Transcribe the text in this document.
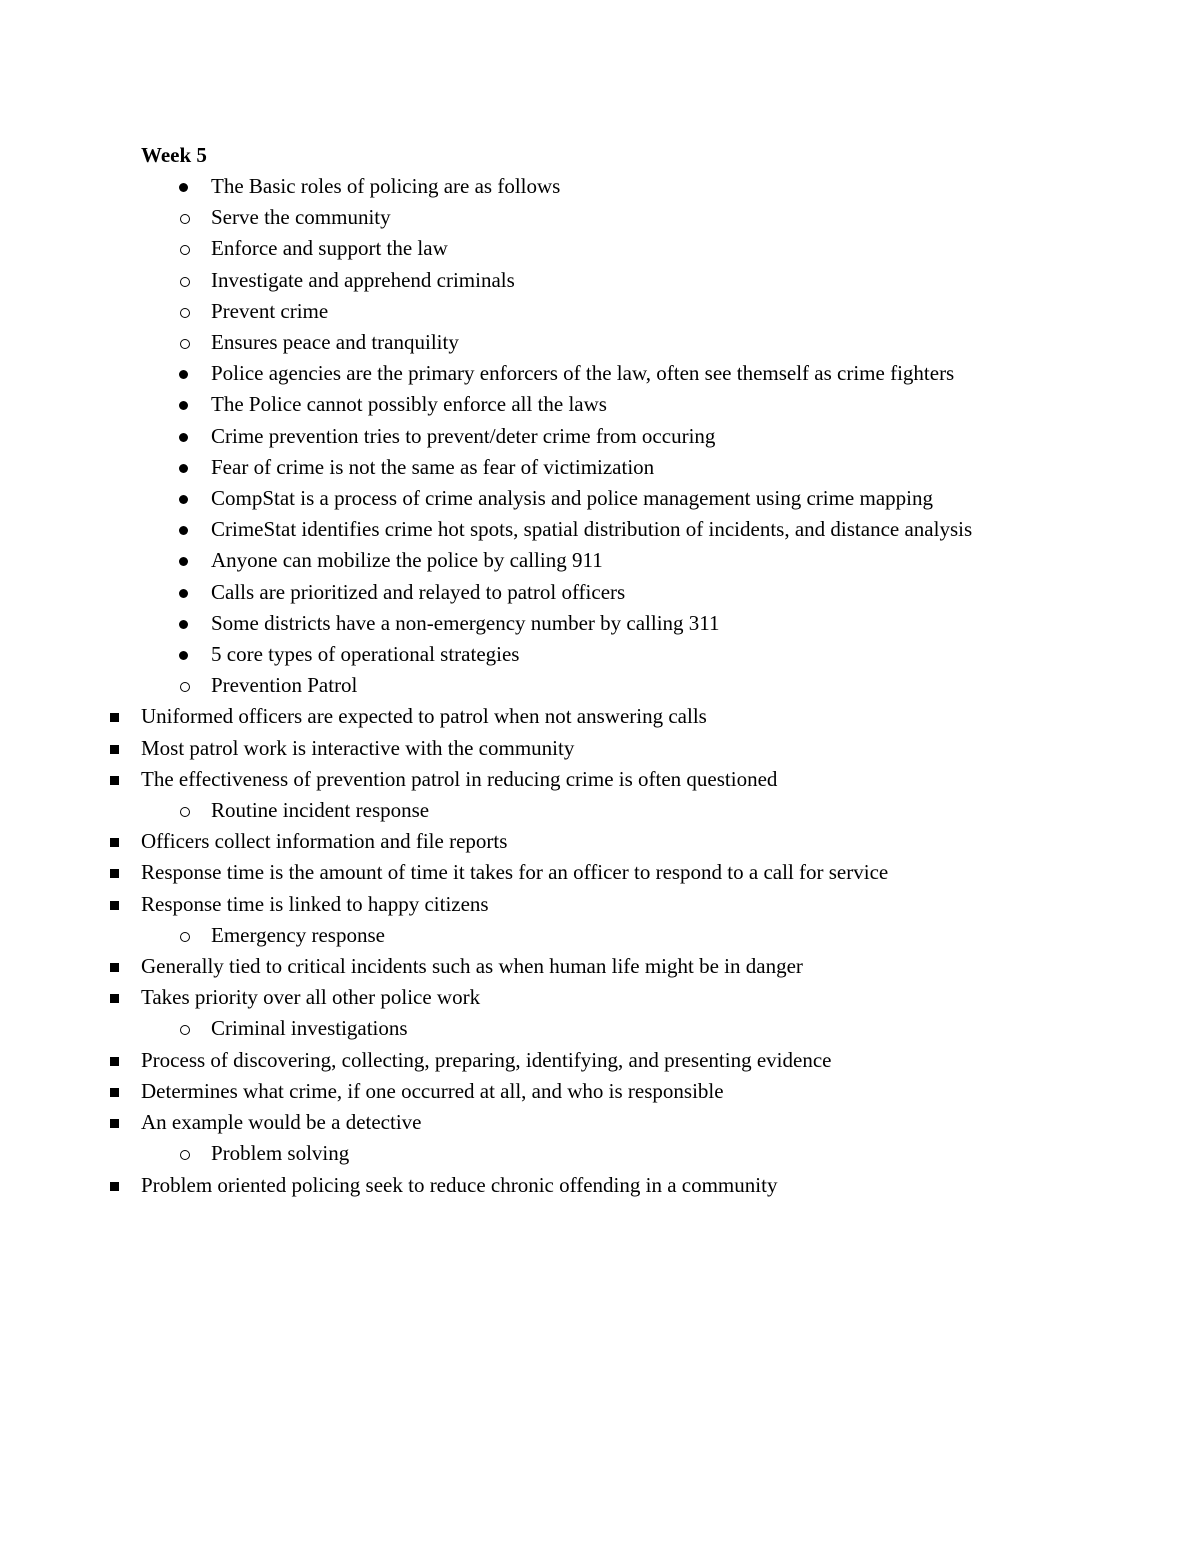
Week 5
The Basic roles of policing are as follows
Serve the community
Enforce and support the law
Investigate and apprehend criminals
Prevent crime
Ensures peace and tranquility
Police agencies are the primary enforcers of the law, often see themself as crime fighters
The Police cannot possibly enforce all the laws
Crime prevention tries to prevent/deter crime from occuring
Fear of crime is not the same as fear of victimization
CompStat is a process of crime analysis and police management using crime mapping
CrimeStat identifies crime hot spots, spatial distribution of incidents, and distance analysis
Anyone can mobilize the police by calling 911
Calls are prioritized and relayed to patrol officers
Some districts have a non-emergency number by calling 311
5 core types of operational strategies
Prevention Patrol
Uniformed officers are expected to patrol when not answering calls
Most patrol work is interactive with the community
The effectiveness of prevention patrol in reducing crime is often questioned
Routine incident response
Officers collect information and file reports
Response time is the amount of time it takes for an officer to respond to a call for service
Response time is linked to happy citizens
Emergency response
Generally tied to critical incidents such as when human life might be in danger
Takes priority over all other police work
Criminal investigations
Process of discovering, collecting, preparing, identifying, and presenting evidence
Determines what crime, if one occurred at all, and who is responsible
An example would be a detective
Problem solving
Problem oriented policing seek to reduce chronic offending in a community
